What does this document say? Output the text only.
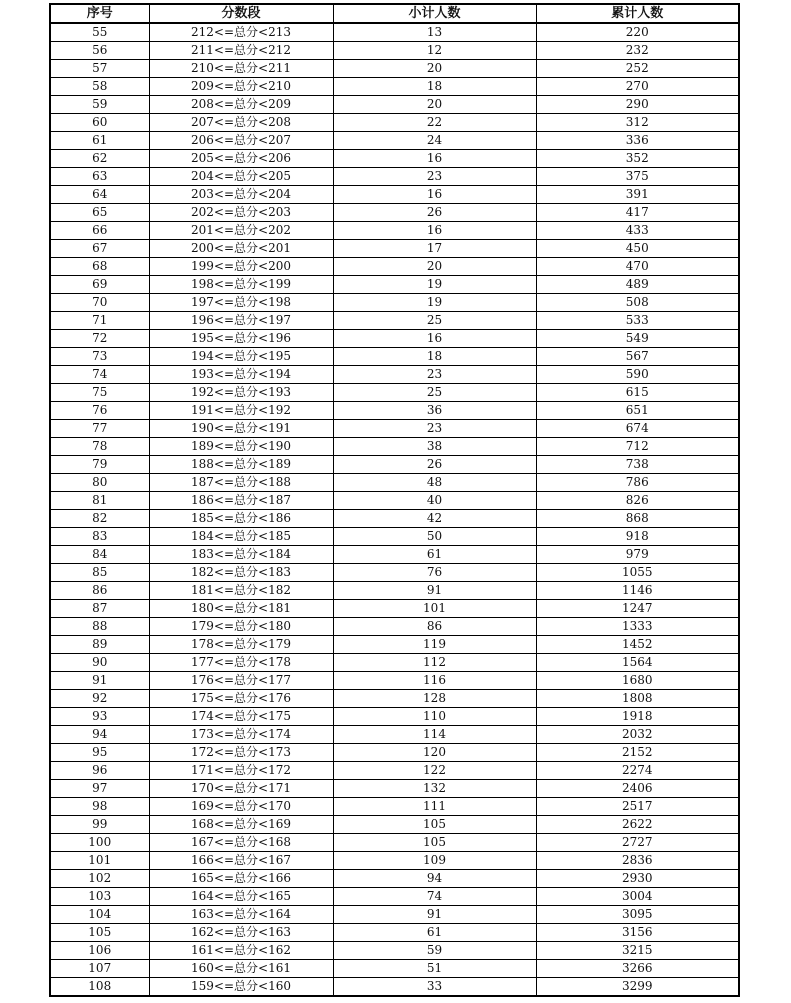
序号	分数段	小计人数	累计人数
55	212<=总分<213	13	220
56	211<=总分<212	12	232
57	210<=总分<211	20	252
58	209<=总分<210	18	270
59	208<=总分<209	20	290
60	207<=总分<208	22	312
61	206<=总分<207	24	336
62	205<=总分<206	16	352
63	204<=总分<205	23	375
64	203<=总分<204	16	391
65	202<=总分<203	26	417
66	201<=总分<202	16	433
67	200<=总分<201	17	450
68	199<=总分<200	20	470
69	198<=总分<199	19	489
70	197<=总分<198	19	508
71	196<=总分<197	25	533
72	195<=总分<196	16	549
73	194<=总分<195	18	567
74	193<=总分<194	23	590
75	192<=总分<193	25	615
76	191<=总分<192	36	651
77	190<=总分<191	23	674
78	189<=总分<190	38	712
79	188<=总分<189	26	738
80	187<=总分<188	48	786
81	186<=总分<187	40	826
82	185<=总分<186	42	868
83	184<=总分<185	50	918
84	183<=总分<184	61	979
85	182<=总分<183	76	1055
86	181<=总分<182	91	1146
87	180<=总分<181	101	1247
88	179<=总分<180	86	1333
89	178<=总分<179	119	1452
90	177<=总分<178	112	1564
91	176<=总分<177	116	1680
92	175<=总分<176	128	1808
93	174<=总分<175	110	1918
94	173<=总分<174	114	2032
95	172<=总分<173	120	2152
96	171<=总分<172	122	2274
97	170<=总分<171	132	2406
98	169<=总分<170	111	2517
99	168<=总分<169	105	2622
100	167<=总分<168	105	2727
101	166<=总分<167	109	2836
102	165<=总分<166	94	2930
103	164<=总分<165	74	3004
104	163<=总分<164	91	3095
105	162<=总分<163	61	3156
106	161<=总分<162	59	3215
107	160<=总分<161	51	3266
108	159<=总分<160	33	3299
